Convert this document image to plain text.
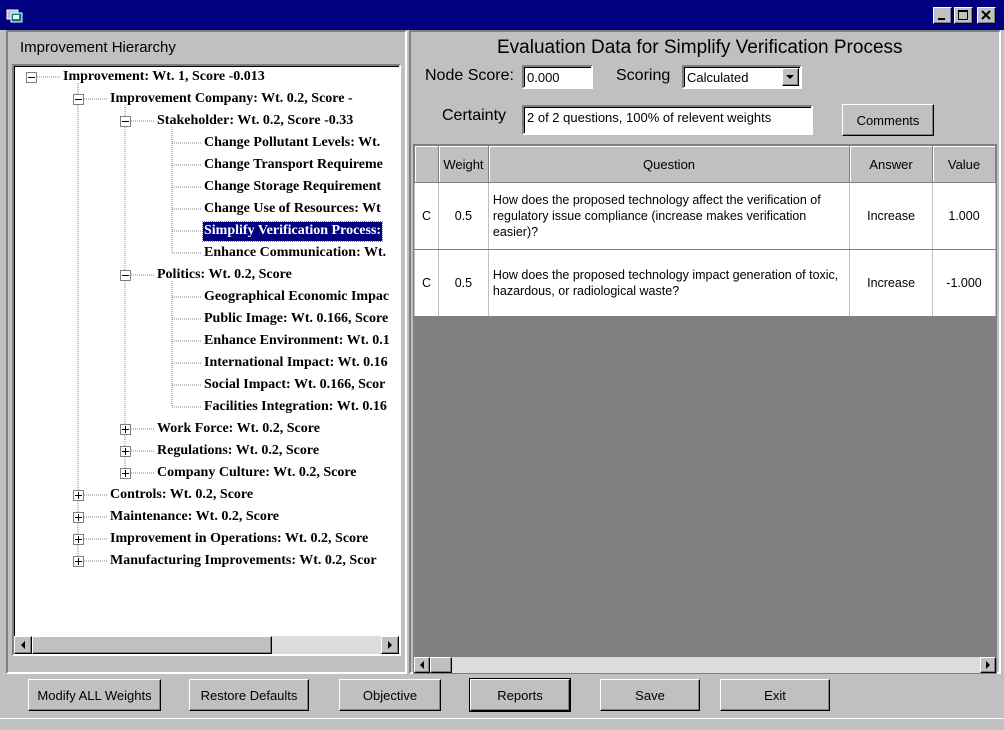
Improvement Hierarchy
Improvement: Wt. 1, Score -0.013
Improvement Company: Wt. 0.2, Score -
Stakeholder: Wt. 0.2, Score -0.33
Change Pollutant Levels: Wt.
Change Transport Requireme
Change Storage Requirement
Change Use of Resources: Wt
Simplify Verification Process:
Enhance Communication: Wt.
Politics: Wt. 0.2, Score
Geographical Economic Impac
Public Image: Wt. 0.166, Score
Enhance Environment: Wt. 0.1
International Impact: Wt. 0.16
Social Impact: Wt. 0.166, Scor
Facilities Integration: Wt. 0.16
Work Force: Wt. 0.2, Score
Regulations: Wt. 0.2, Score
Company Culture: Wt. 0.2, Score
Controls: Wt. 0.2, Score
Maintenance: Wt. 0.2, Score
Improvement in Operations: Wt. 0.2, Score
Manufacturing Improvements: Wt. 0.2, Scor
Evaluation Data for Simplify Verification Process
Node Score:	0.000	Scoring	Calculated
Certainty	2 of 2 questions, 100% of relevent weights	Comments
	Weight	Question	Answer	Value
C	0.5	How does the proposed technology affect the verification of regulatory issue compliance (increase makes verification easier)?	Increase	1.000
C	0.5	How does the proposed technology impact generation of toxic, hazardous, or radiological waste?	Increase	-1.000
Modify ALL Weights	Restore Defaults	Objective	Reports	Save	Exit
